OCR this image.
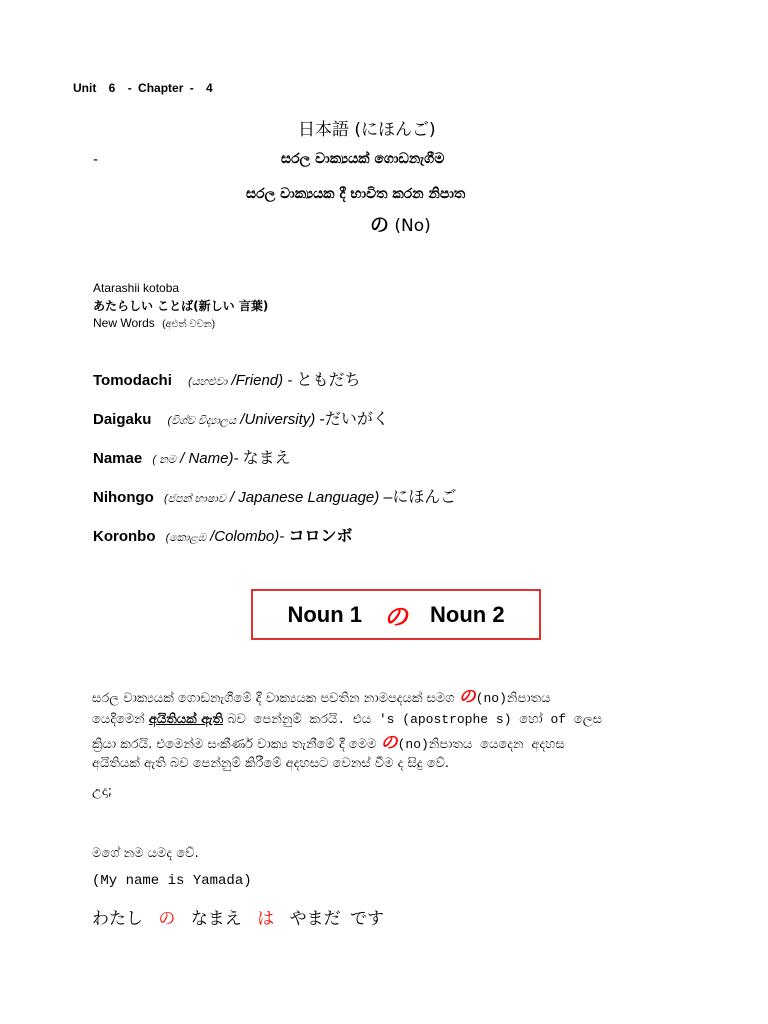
Unit 6 - Chapter - 4
日本語 (にほんご)
-	සරල වාක්‍යයක් ගොඩනැගීම
සරල වාක්‍යයක දී භාවිත කරන නිපාත
の (No)
Atarashii kotoba
あたらしい ことば(新しい 言葉)
New Words (අළුත් වචන)
Tomodachi (යහළුවා /Friend) - ともだち
Daigaku (විශ්ව විද්‍යාලය /University) -だいがく
Namae ( නම / Name)- なまえ
Nihongo (ජපන් භාෂාව / Japanese Language) –にほんご
Koronbo (කොළඹ /Colombo)- コロンボ
Noun 1 の Noun 2
සරල වාක්‍යයක් ගොඩනැගීමේ දී වාක්‍යයක පවතින නාමපදයක් සමග の(no)නිපාතය
යෙදීමෙන් අයිතියක් ඇති බව පෙන්නුම් කරයි. එය 's (apostrophe s) හෝ of ලෙස
ක්‍රියා කරයි. එමෙන්ම සංකීර්ණ වාක්‍ය තැනීමේ දී මෙම の(no)නිපාතය යෙදෙන අදහස
අයිතියක් ඇති බව පෙන්නුම් කිරීමේ අදහසට වෙනස් වීම ද සිදු වේ.
උදා;
මගේ නම යමද වේ.
(My name is Yamada)
わたし の なまえ は やまだ です
